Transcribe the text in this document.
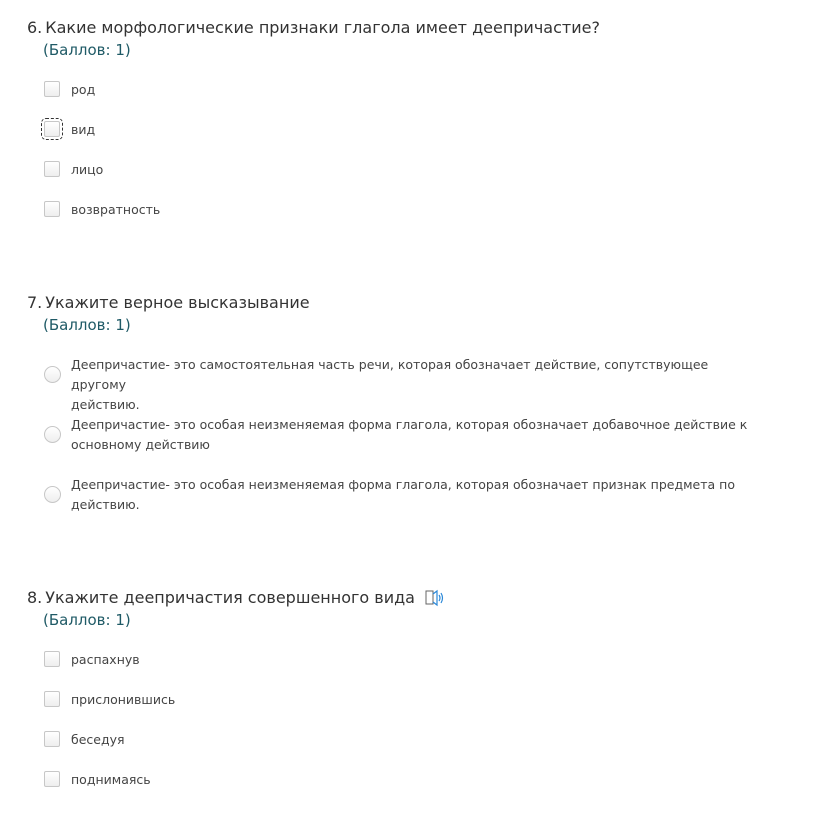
6. Какие морфологические признаки глагола имеет деепричастие?
(Баллов: 1)
род
вид
лицо
возвратность
7. Укажите верное высказывание
(Баллов: 1)
Деепричастие- это самостоятельная часть речи, которая обозначает действие, сопутствующее другому
действию.
Деепричастие- это особая неизменяемая форма глагола, которая обозначает добавочное действие к
основному действию
Деепричастие- это особая неизменяемая форма глагола, которая обозначает признак предмета по
действию.
8. Укажите деепричастия совершенного вида
(Баллов: 1)
распахнув
прислонившись
беседуя
поднимаясь
